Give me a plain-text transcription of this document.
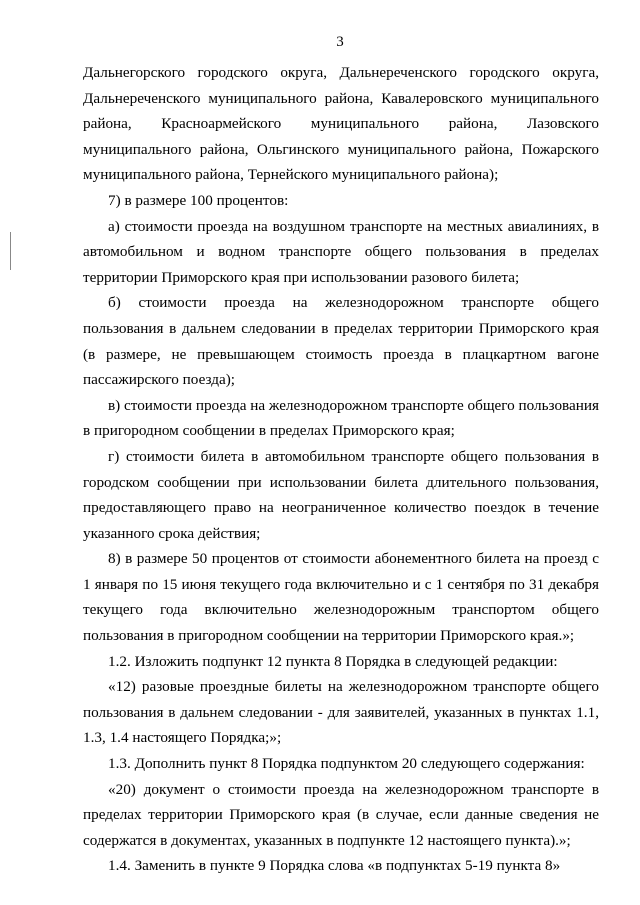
3

Дальнегорского городского округа, Дальнереченского городского округа, Дальнереченского муниципального района, Кавалеровского муниципального района, Красноармейского муниципального района, Лазовского муниципального района, Ольгинского муниципального района, Пожарского муниципального района, Тернейского муниципального района);

7) в размере 100 процентов:

а) стоимости проезда на воздушном транспорте на местных авиалиниях, в автомобильном и водном транспорте общего пользования в пределах территории Приморского края при использовании разового билета;

б) стоимости проезда на железнодорожном транспорте общего пользования в дальнем следовании в пределах территории Приморского края (в размере, не превышающем стоимость проезда в плацкартном вагоне пассажирского поезда);

в) стоимости проезда на железнодорожном транспорте общего пользования в пригородном сообщении в пределах Приморского края;

г) стоимости билета в автомобильном транспорте общего пользования в городском сообщении при использовании билета длительного пользования, предоставляющего право на неограниченное количество поездок в течение указанного срока действия;

8) в размере 50 процентов от стоимости абонементного билета на проезд с 1 января по 15 июня текущего года включительно и с 1 сентября по 31 декабря текущего года включительно железнодорожным транспортом общего пользования в пригородном сообщении на территории Приморского края.»;

1.2. Изложить подпункт 12 пункта 8 Порядка в следующей редакции:

«12) разовые проездные билеты на железнодорожном транспорте общего пользования в дальнем следовании - для заявителей, указанных в пунктах 1.1, 1.3, 1.4 настоящего Порядка;»;

1.3. Дополнить пункт 8 Порядка подпунктом 20 следующего содержания:

«20) документ о стоимости проезда на железнодорожном транспорте в пределах территории Приморского края (в случае, если данные сведения не содержатся в документах, указанных в подпункте 12 настоящего пункта).»;

1.4. Заменить в пункте 9 Порядка слова «в подпунктах 5-19 пункта 8»
